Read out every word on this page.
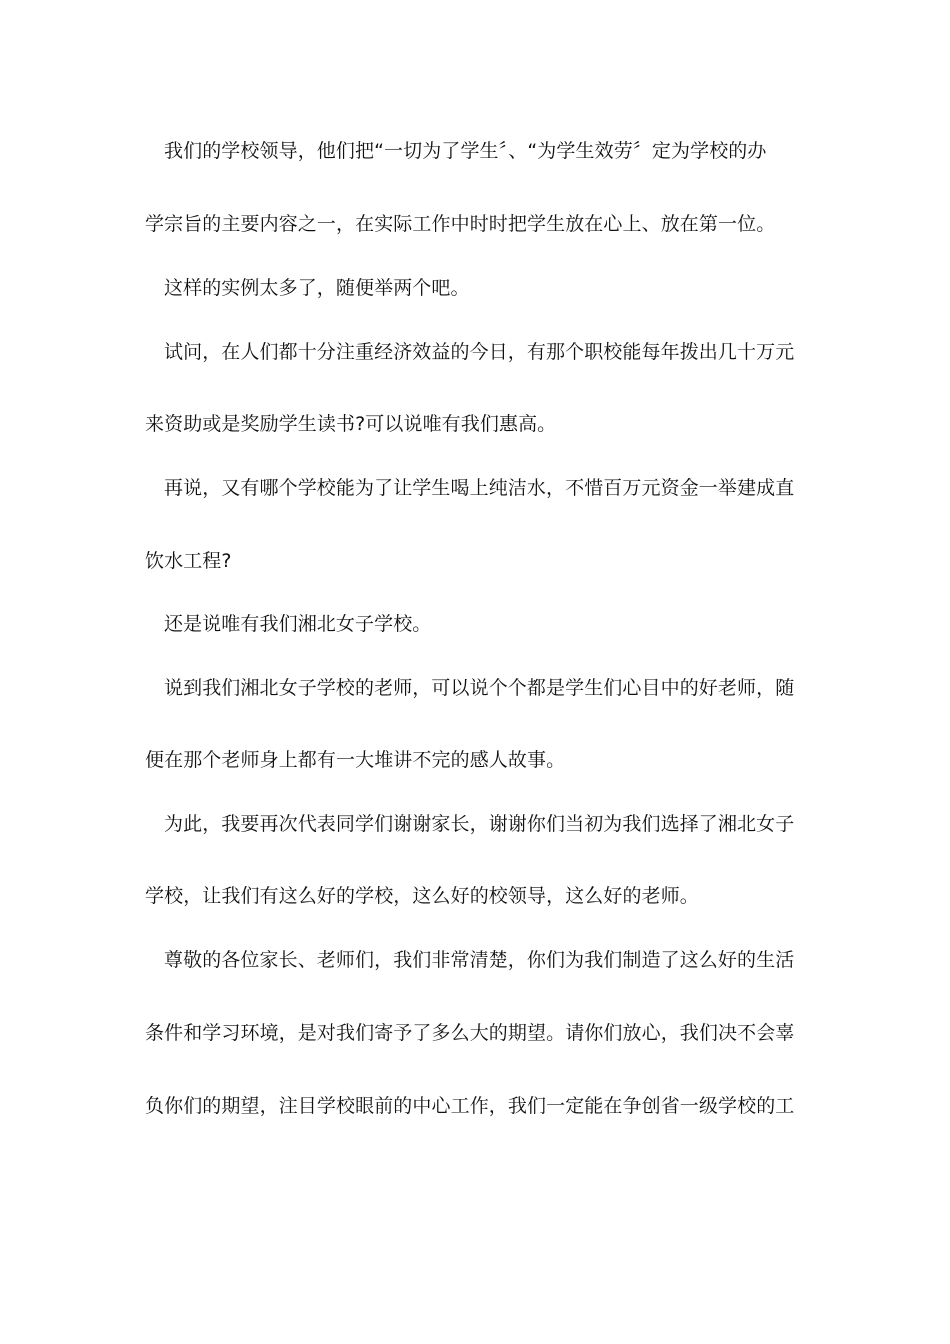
我们的学校领导，他们把“一切为了学生〞、“为学生效劳〞定为学校的办
学宗旨的主要内容之一，在实际工作中时时把学生放在心上、放在第一位。
这样的实例太多了，随便举两个吧。
试问，在人们都十分注重经济效益的今日，有那个职校能每年拨出几十万元
来资助或是奖励学生读书?可以说唯有我们惠高。
再说，又有哪个学校能为了让学生喝上纯洁水，不惜百万元资金一举建成直
饮水工程?
还是说唯有我们湘北女子学校。
说到我们湘北女子学校的老师，可以说个个都是学生们心目中的好老师，随
便在那个老师身上都有一大堆讲不完的感人故事。
为此，我要再次代表同学们谢谢家长，谢谢你们当初为我们选择了湘北女子
学校，让我们有这么好的学校，这么好的校领导，这么好的老师。
尊敬的各位家长、老师们，我们非常清楚，你们为我们制造了这么好的生活
条件和学习环境，是对我们寄予了多么大的期望。请你们放心，我们决不会辜
负你们的期望，注目学校眼前的中心工作，我们一定能在争创省一级学校的工
